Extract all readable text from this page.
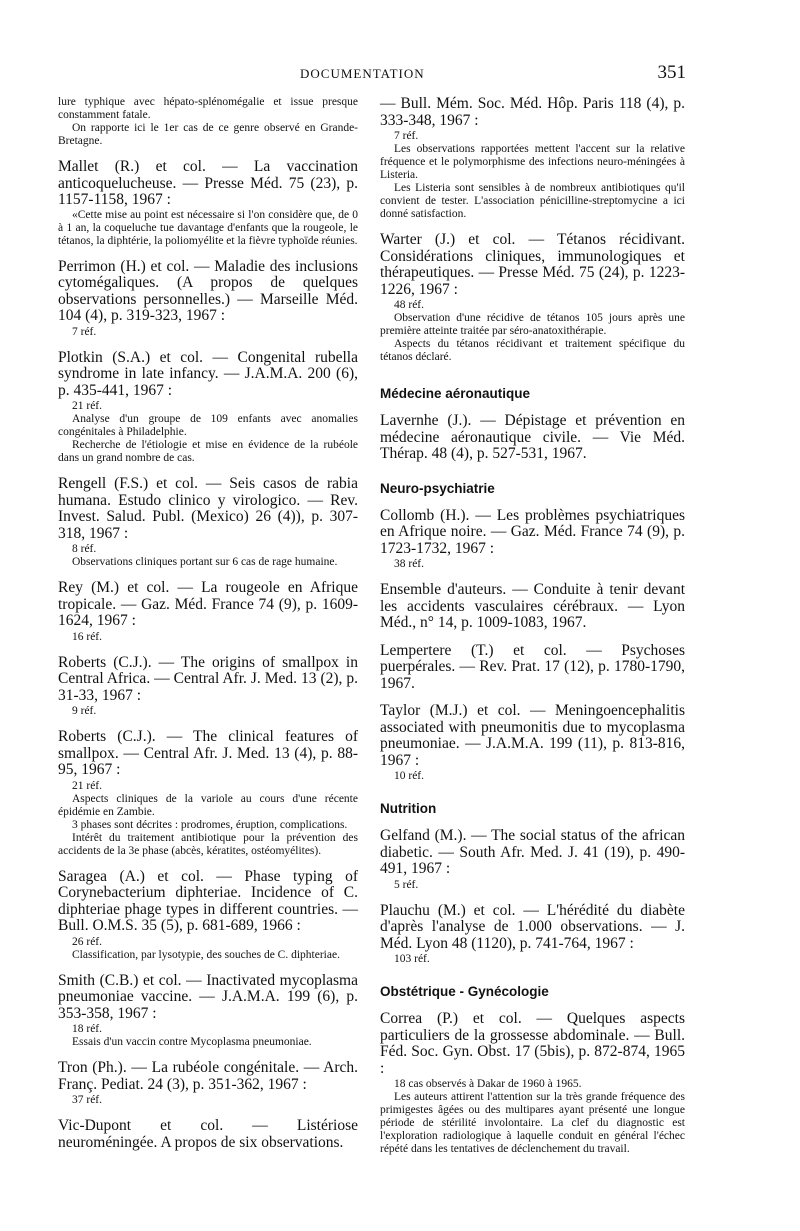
DOCUMENTATION	351
lure typhique avec hépato-splénomégalie et issue presque constamment fatale.
On rapporte ici le 1er cas de ce genre observé en Grande-Bretagne.
Mallet (R.) et col. — La vaccination anticoquelucheuse. — Presse Méd. 75 (23), p. 1157-1158, 1967 :
«Cette mise au point est nécessaire si l'on considère que, de 0 à 1 an, la coqueluche tue davantage d'enfants que la rougeole, le tétanos, la diphtérie, la poliomyélite et la fièvre typhoïde réunies.
Perrimon (H.) et col. — Maladie des inclusions cytomégaliques. (A propos de quelques observations personnelles.) — Marseille Méd. 104 (4), p. 319-323, 1967 :
7 réf.
Plotkin (S.A.) et col. — Congenital rubella syndrome in late infancy. — J.A.M.A. 200 (6), p. 435-441, 1967 :
21 réf.
Analyse d'un groupe de 109 enfants avec anomalies congénitales à Philadelphie.
Recherche de l'étiologie et mise en évidence de la rubéole dans un grand nombre de cas.
Rengell (F.S.) et col. — Seis casos de rabia humana. Estudo clinico y virologico. — Rev. Invest. Salud. Publ. (Mexico) 26 (4)), p. 307-318, 1967 :
8 réf.
Observations cliniques portant sur 6 cas de rage humaine.
Rey (M.) et col. — La rougeole en Afrique tropicale. — Gaz. Méd. France 74 (9), p. 1609-1624, 1967 :
16 réf.
Roberts (C.J.). — The origins of smallpox in Central Africa. — Central Afr. J. Med. 13 (2), p. 31-33, 1967 :
9 réf.
Roberts (C.J.). — The clinical features of smallpox. — Central Afr. J. Med. 13 (4), p. 88-95, 1967 :
21 réf.
Aspects cliniques de la variole au cours d'une récente épidémie en Zambie.
3 phases sont décrites : prodromes, éruption, complications.
Intérêt du traitement antibiotique pour la prévention des accidents de la 3e phase (abcès, kératites, ostéomyélites).
Saragea (A.) et col. — Phase typing of Corynebacterium diphteriae. Incidence of C. diphteriae phage types in different countries. — Bull. O.M.S. 35 (5), p. 681-689, 1966 :
26 réf.
Classification, par lysotypie, des souches de C. diphteriae.
Smith (C.B.) et col. — Inactivated mycoplasma pneumoniae vaccine. — J.A.M.A. 199 (6), p. 353-358, 1967 :
18 réf.
Essais d'un vaccin contre Mycoplasma pneumoniae.
Tron (Ph.). — La rubéole congénitale. — Arch. Franç. Pediat. 24 (3), p. 351-362, 1967 :
37 réf.
Vic-Dupont et col. — Listériose neuroméningée. A propos de six observations.
— Bull. Mém. Soc. Méd. Hôp. Paris 118 (4), p. 333-348, 1967 :
7 réf.
Les observations rapportées mettent l'accent sur la relative fréquence et le polymorphisme des infections neuro-méningées à Listeria.
Les Listeria sont sensibles à de nombreux antibiotiques qu'il convient de tester. L'association pénicilline-streptomycine a ici donné satisfaction.
Warter (J.) et col. — Tétanos récidivant. Considérations cliniques, immunologiques et thérapeutiques. — Presse Méd. 75 (24), p. 1223-1226, 1967 :
48 réf.
Observation d'une récidive de tétanos 105 jours après une première atteinte traitée par séro-anatoxithérapie.
Aspects du tétanos récidivant et traitement spécifique du tétanos déclaré.
Médecine aéronautique
Lavernhe (J.). — Dépistage et prévention en médecine aéronautique civile. — Vie Méd. Thérap. 48 (4), p. 527-531, 1967.
Neuro-psychiatrie
Collomb (H.). — Les problèmes psychiatriques en Afrique noire. — Gaz. Méd. France 74 (9), p. 1723-1732, 1967 :
38 réf.
Ensemble d'auteurs. — Conduite à tenir devant les accidents vasculaires cérébraux. — Lyon Méd., n° 14, p. 1009-1083, 1967.
Lempertere (T.) et col. — Psychoses puerpérales. — Rev. Prat. 17 (12), p. 1780-1790, 1967.
Taylor (M.J.) et col. — Meningoencephalitis associated with pneumonitis due to mycoplasma pneumoniae. — J.A.M.A. 199 (11), p. 813-816, 1967 :
10 réf.
Nutrition
Gelfand (M.). — The social status of the african diabetic. — South Afr. Med. J. 41 (19), p. 490-491, 1967 :
5 réf.
Plauchu (M.) et col. — L'hérédité du diabète d'après l'analyse de 1.000 observations. — J. Méd. Lyon 48 (1120), p. 741-764, 1967 :
103 réf.
Obstétrique - Gynécologie
Correa (P.) et col. — Quelques aspects particuliers de la grossesse abdominale. — Bull. Féd. Soc. Gyn. Obst. 17 (5bis), p. 872-874, 1965 :
18 cas observés à Dakar de 1960 à 1965.
Les auteurs attirent l'attention sur la très grande fréquence des primigestes âgées ou des multipares ayant présenté une longue période de stérilité involontaire. La clef du diagnostic est l'exploration radiologique à laquelle conduit en général l'échec répété dans les tentatives de déclenchement du travail.
